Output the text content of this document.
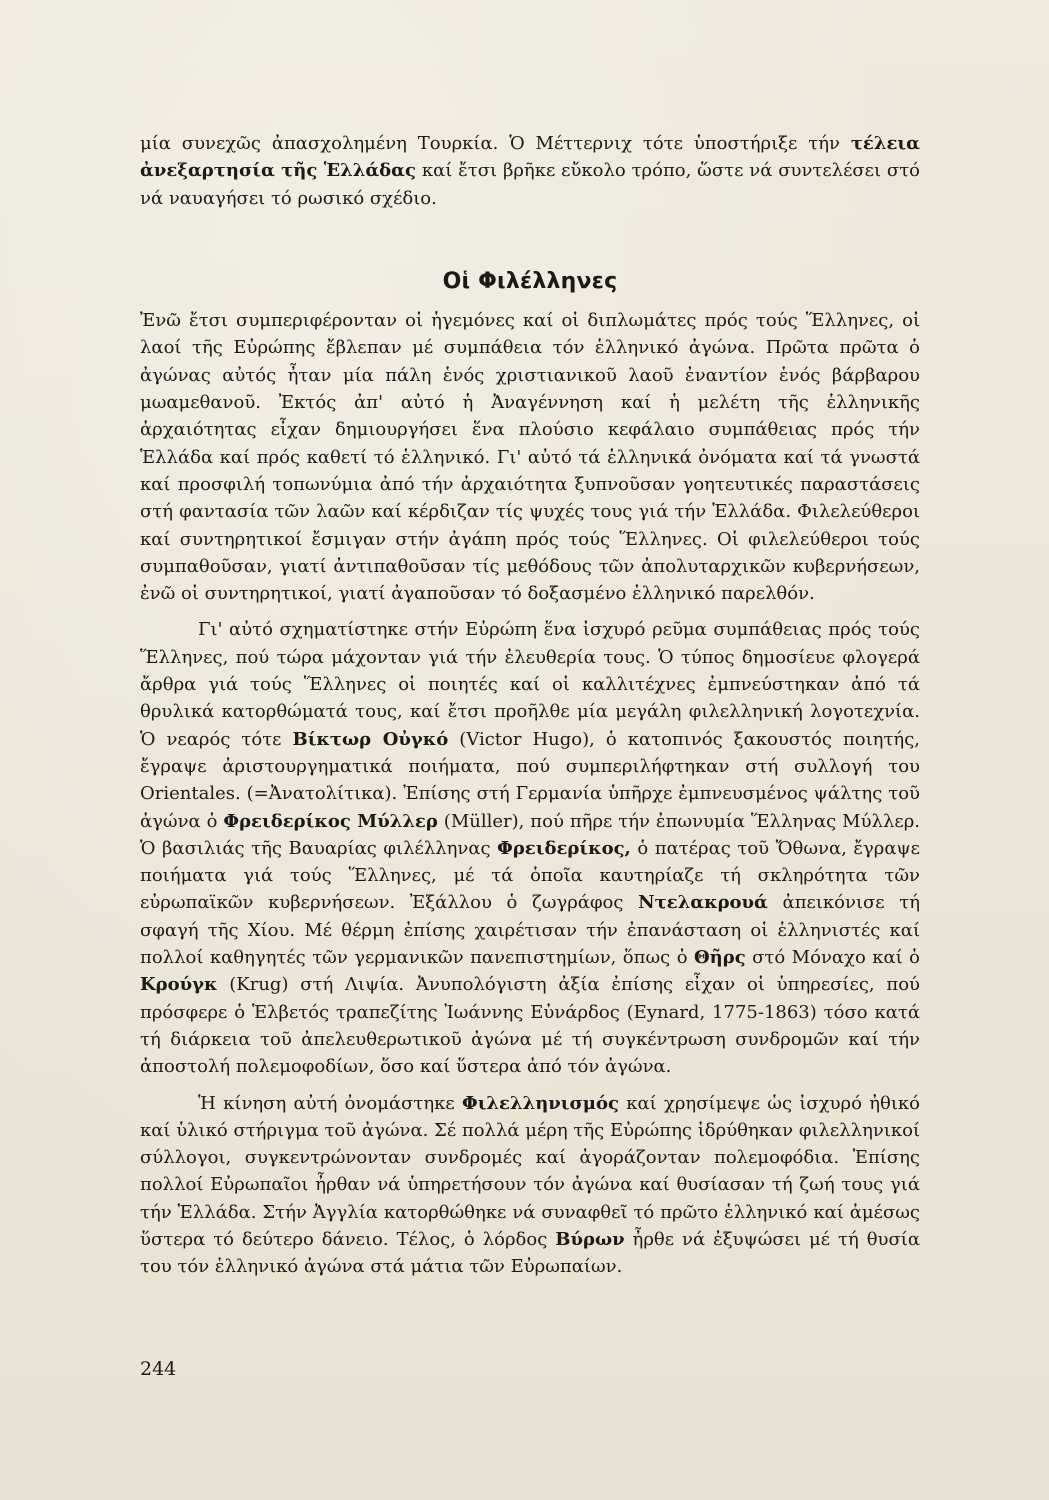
μία συνεχῶς ἀπασχολημένη Τουρκία. Ὁ Μέττερνιχ τότε ὑποστήριξε τήν τέλεια ἀνεξαρτησία τῆς Ἑλλάδας καί ἔτσι βρῆκε εὔκολο τρόπο, ὥστε νά συντελέσει στό νά ναυαγήσει τό ρωσικό σχέδιο.

Οἱ Φιλέλληνες

Ἐνῶ ἔτσι συμπεριφέρονταν οἱ ἡγεμόνες καί οἱ διπλωμάτες πρός τούς Ἕλληνες, οἱ λαοί τῆς Εὐρώπης ἔβλεπαν μέ συμπάθεια τόν ἑλληνικό ἀγώνα. Πρῶτα πρῶτα ὁ ἀγώνας αὐτός ἦταν μία πάλη ἑνός χριστιανικοῦ λαοῦ ἐναντίον ἑνός βάρβαρου μωαμεθανοῦ. Ἐκτός ἀπ' αὐτό ἡ Ἀναγέννηση καί ἡ μελέτη τῆς ἑλληνικῆς ἀρχαιότητας εἶχαν δημιουργήσει ἕνα πλούσιο κεφάλαιο συμπάθειας πρός τήν Ἑλλάδα καί πρός καθετί τό ἑλληνικό. Γι' αὐτό τά ἑλληνικά ὀνόματα καί τά γνωστά καί προσφιλή τοπωνύμια ἀπό τήν ἀρχαιότητα ξυπνοῦσαν γοητευτικές παραστάσεις στή φαντασία τῶν λαῶν καί κέρδιζαν τίς ψυχές τους γιά τήν Ἑλλάδα. Φιλελεύθεροι καί συντηρητικοί ἔσμιγαν στήν ἀγάπη πρός τούς Ἕλληνες. Οἱ φιλελεύθεροι τούς συμπαθοῦσαν, γιατί ἀντιπαθοῦσαν τίς μεθόδους τῶν ἀπολυταρχικῶν κυβερνήσεων, ἐνῶ οἱ συντηρητικοί, γιατί ἀγαποῦσαν τό δοξασμένο ἑλληνικό παρελθόν.

Γι' αὐτό σχηματίστηκε στήν Εὐρώπη ἕνα ἰσχυρό ρεῦμα συμπάθειας πρός τούς Ἕλληνες, πού τώρα μάχονταν γιά τήν ἐλευθερία τους. Ὁ τύπος δημοσίευε φλογερά ἄρθρα γιά τούς Ἕλληνες οἱ ποιητές καί οἱ καλλιτέχνες ἐμπνεύστηκαν ἀπό τά θρυλικά κατορθώματά τους, καί ἔτσι προῆλθε μία μεγάλη φιλελληνική λογοτεχνία. Ὁ νεαρός τότε Βίκτωρ Οὐγκό (Victor Hugo), ὁ κατοπινός ξακουστός ποιητής, ἔγραψε ἀριστουργηματικά ποιήματα, πού συμπεριλήφτηκαν στή συλλογή του Orientales. (=Ἀνατολίτικα). Ἐπίσης στή Γερμανία ὑπῆρχε ἐμπνευσμένος ψάλτης τοῦ ἀγώνα ὁ Φρειδερίκος Μύλλερ (Müller), πού πῆρε τήν ἐπωνυμία Ἕλληνας Μύλλερ. Ὁ βασιλιάς τῆς Βαυαρίας φιλέλληνας Φρειδερίκος, ὁ πατέρας τοῦ Ὄθωνα, ἔγραψε ποιήματα γιά τούς Ἕλληνες, μέ τά ὁποῖα καυτηρίαζε τή σκληρότητα τῶν εὐρωπαϊκῶν κυβερνήσεων. Ἐξάλλου ὁ ζωγράφος Ντελακρουά ἀπεικόνισε τή σφαγή τῆς Χίου. Μέ θέρμη ἐπίσης χαιρέτισαν τήν ἐπανάσταση οἱ ἑλληνιστές καί πολλοί καθηγητές τῶν γερμανικῶν πανεπιστημίων, ὅπως ὁ Θῆρς στό Μόναχο καί ὁ Κρούγκ (Krug) στή Λιψία. Ἀνυπολόγιστη ἀξία ἐπίσης εἶχαν οἱ ὑπηρεσίες, πού πρόσφερε ὁ Ἑλβετός τραπεζίτης Ἰωάννης Εὐνάρδος (Eynard, 1775-1863) τόσο κατά τή διάρκεια τοῦ ἀπελευθερωτικοῦ ἀγώνα μέ τή συγκέντρωση συνδρομῶν καί τήν ἀποστολή πολεμοφοδίων, ὅσο καί ὕστερα ἀπό τόν ἀγώνα.

Ἡ κίνηση αὐτή ὀνομάστηκε Φιλελληνισμός καί χρησίμεψε ὡς ἰσχυρό ἠθικό καί ὑλικό στήριγμα τοῦ ἀγώνα. Σέ πολλά μέρη τῆς Εὐρώπης ἱδρύθηκαν φιλελληνικοί σύλλογοι, συγκεντρώνονταν συνδρομές καί ἀγοράζονταν πολεμοφόδια. Ἐπίσης πολλοί Εὐρωπαῖοι ἦρθαν νά ὑπηρετήσουν τόν ἀγώνα καί θυσίασαν τή ζωή τους γιά τήν Ἑλλάδα. Στήν Ἀγγλία κατορθώθηκε νά συναφθεῖ τό πρῶτο ἑλληνικό καί ἀμέσως ὕστερα τό δεύτερο δάνειο. Τέλος, ὁ λόρδος Βύρων ἦρθε νά ἐξυψώσει μέ τή θυσία του τόν ἑλληνικό ἀγώνα στά μάτια τῶν Εὐρωπαίων.

244
